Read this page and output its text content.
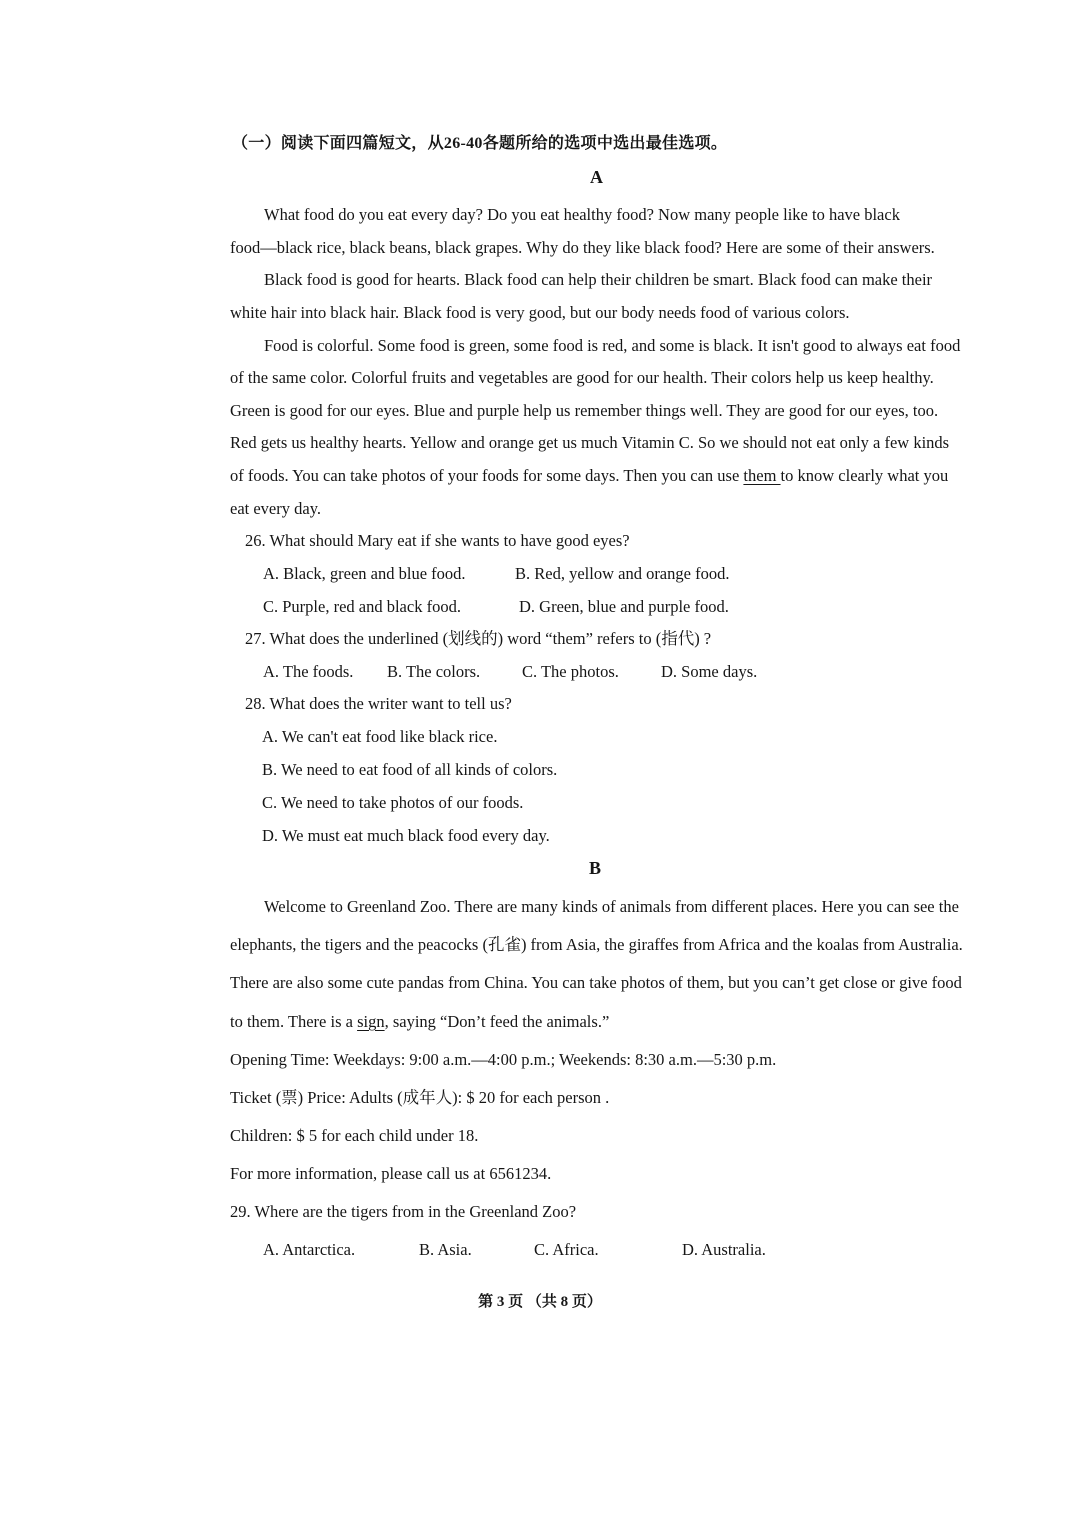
（一）阅读下面四篇短文，从26-40各题所给的选项中选出最佳选项。
A
What food do you eat every day? Do you eat healthy food? Now many people like to have black
food—black rice, black beans, black grapes. Why do they like black food? Here are some of their answers.
Black food is good for hearts. Black food can help their children be smart. Black food can make their
white hair into black hair. Black food is very good, but our body needs food of various colors.
Food is colorful. Some food is green, some food is red, and some is black. It isn't good to always eat food
of the same color. Colorful fruits and vegetables are good for our health. Their colors help us keep healthy.
Green is good for our eyes. Blue and purple help us remember things well. They are good for our eyes, too.
Red gets us healthy hearts. Yellow and orange get us much Vitamin C. So we should not eat only a few kinds
of foods. You can take photos of your foods for some days. Then you can use them to know clearly what you
eat every day.
26. What should Mary eat if she wants to have good eyes?
A. Black, green and blue food.	B. Red, yellow and orange food.
C. Purple, red and black food.	D. Green, blue and purple food.
27. What does the underlined (划线的) word “them” refers to (指代) ?
A. The foods. B. The colors.	C. The photos.	D. Some days.
28. What does the writer want to tell us?
A. We can't eat food like black rice.
B. We need to eat food of all kinds of colors.
C. We need to take photos of our foods.
D. We must eat much black food every day.
B
Welcome to Greenland Zoo. There are many kinds of animals from different places. Here you can see the
elephants, the tigers and the peacocks (孔雀) from Asia, the giraffes from Africa and the koalas from Australia.
There are also some cute pandas from China. You can take photos of them, but you can’t get close or give food
to them. There is a sign, saying “Don’t feed the animals.”
Opening Time: Weekdays: 9:00 a.m.—4:00 p.m.; Weekends: 8:30 a.m.—5:30 p.m.
Ticket (票) Price: Adults (成年人): $ 20 for each person .
Children: $ 5 for each child under 18.
For more information, please call us at 6561234.
29. Where are the tigers from in the Greenland Zoo?
A. Antarctica.	B. Asia.	C. Africa.	D. Australia.
第 3 页 （共 8 页）
